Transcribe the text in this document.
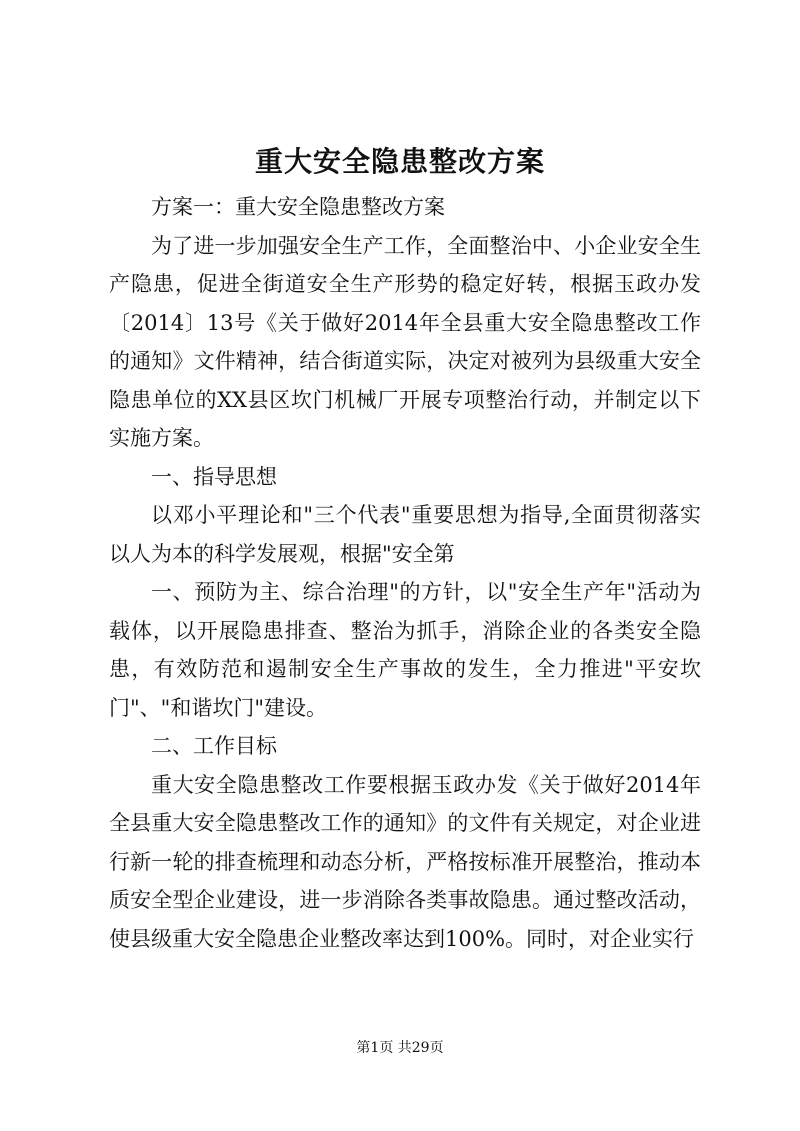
重大安全隐患整改方案

方案一：重大安全隐患整改方案

为了进一步加强安全生产工作，全面整治中、小企业安全生产隐患，促进全街道安全生产形势的稳定好转，根据玉政办发〔2014〕13号《关于做好2014年全县重大安全隐患整改工作的通知》文件精神，结合街道实际，决定对被列为县级重大安全隐患单位的XX县区坎门机械厂开展专项整治行动，并制定以下实施方案。

一、指导思想

以邓小平理论和"三个代表"重要思想为指导,全面贯彻落实以人为本的科学发展观，根据"安全第

一、预防为主、综合治理"的方针，以"安全生产年"活动为载体，以开展隐患排查、整治为抓手，消除企业的各类安全隐患，有效防范和遏制安全生产事故的发生，全力推进"平安坎门"、"和谐坎门"建设。

二、工作目标

重大安全隐患整改工作要根据玉政办发《关于做好2014年全县重大安全隐患整改工作的通知》的文件有关规定，对企业进行新一轮的排查梳理和动态分析，严格按标准开展整治，推动本质安全型企业建设，进一步消除各类事故隐患。通过整改活动，使县级重大安全隐患企业整改率达到100%。同时，对企业实行

第1页 共29页
